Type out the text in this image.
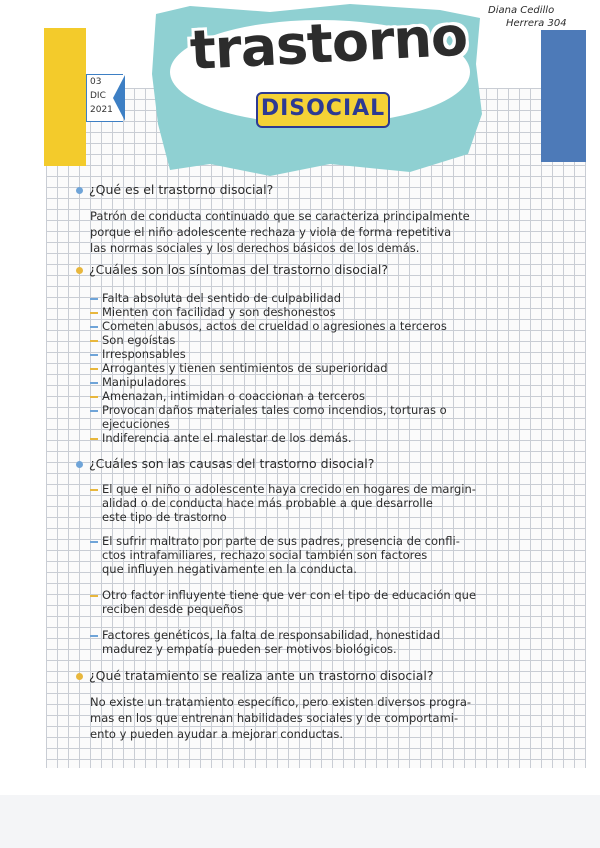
trastorno
DISOCIAL
03
DIC
2021
Diana Cedillo
Herrera 304
¿Qué es el trastorno disocial?
Patrón de conducta continuado que se caracteriza principalmente
porque el niño adolescente rechaza y viola de forma repetitiva
las normas sociales y los derechos básicos de los demás.
¿Cuáles son los síntomas del trastorno disocial?
Falta absoluta del sentido de culpabilidad
Mienten con facilidad y son deshonestos
Cometen abusos, actos de crueldad o agresiones a terceros
Son egoístas
Irresponsables
Arrogantes y tienen sentimientos de superioridad
Manipuladores
Amenazan, intimidan o coaccionan a terceros
Provocan daños materiales tales como incendios, torturas o
ejecuciones
Indiferencia ante el malestar de los demás.
¿Cuáles son las causas del trastorno disocial?
El que el niño o adolescente haya crecido en hogares de margin-
alidad o de conducta hace más probable a que desarrolle
este tipo de trastorno
El sufrir maltrato por parte de sus padres, presencia de confli-
ctos intrafamiliares, rechazo social también son factores
que influyen negativamente en la conducta.
Otro factor influyente tiene que ver con el tipo de educación que
reciben desde pequeños
Factores genéticos, la falta de responsabilidad, honestidad
madurez y empatía pueden ser motivos biológicos.
¿Qué tratamiento se realiza ante un trastorno disocial?
No existe un tratamiento específico, pero existen diversos progra-
mas en los que entrenan habilidades sociales y de comportami-
ento y pueden ayudar a mejorar conductas.
